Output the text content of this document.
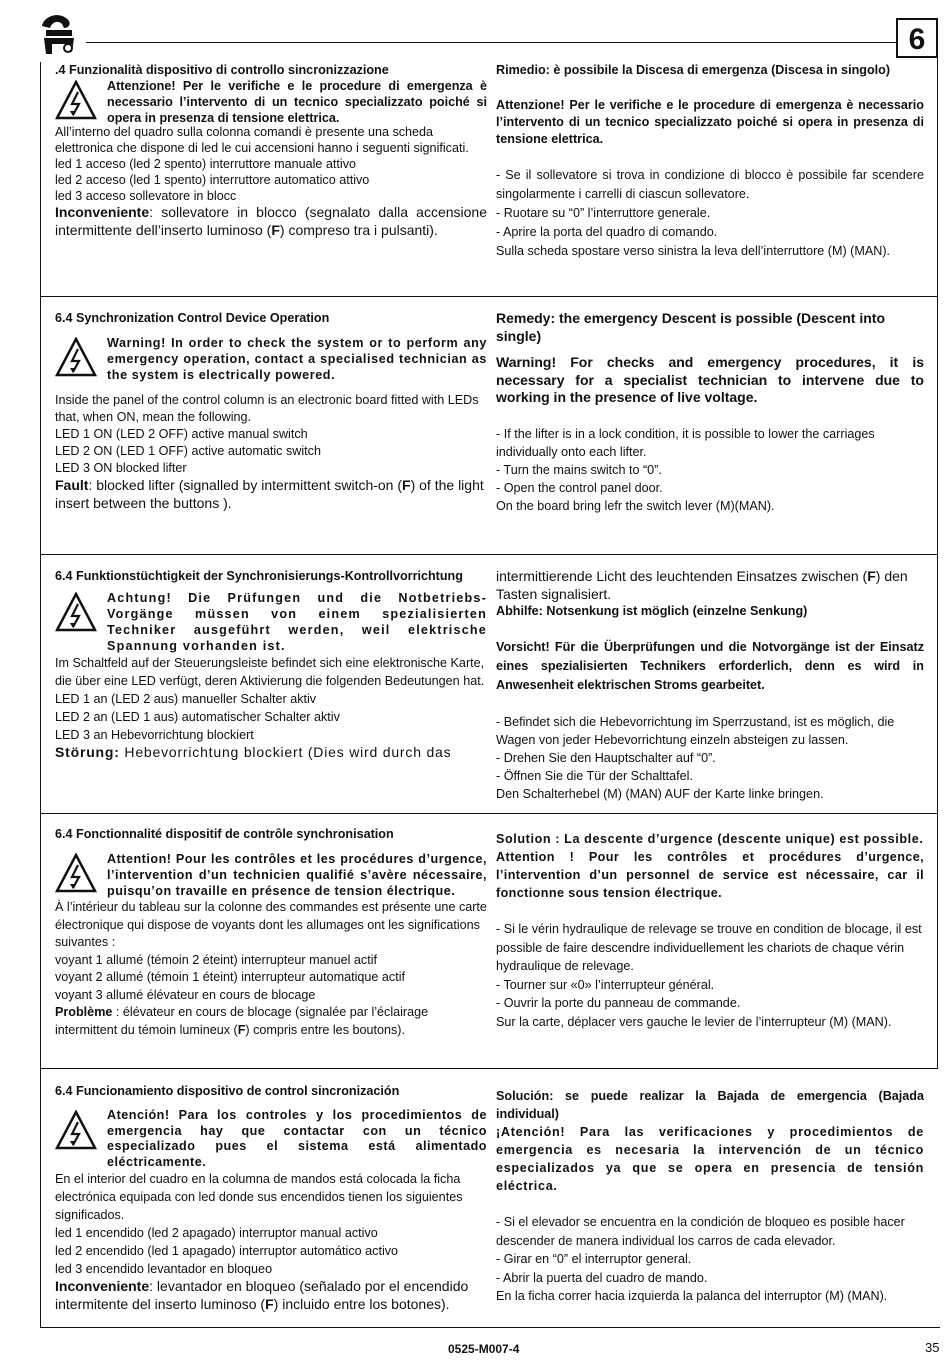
6

.4 Funzionalità dispositivo di controllo sincronizzazione

Attenzione! Per le verifiche e le procedure di emergenza è necessario l’intervento di un tecnico specializzato poiché si opera in presenza di tensione elettrica.

All’interno del quadro sulla colonna comandi è presente una scheda elettronica che dispone di led le cui accensioni hanno i seguenti significati.

led 1 acceso (led 2 spento) interruttore manuale attivo

led 2 acceso (led 1 spento) interruttore automatico attivo

led 3 acceso sollevatore in blocc

Inconveniente: sollevatore in blocco (segnalato dalla accensione intermittente dell’inserto luminoso (F) compreso tra i pulsanti).

Rimedio: è possibile la Discesa di emergenza (Discesa in singolo)

Attenzione! Per le verifiche e le procedure di emergenza è necessario l’intervento di un tecnico specializzato poiché si opera in presenza di tensione elettrica.

- Se il sollevatore si trova in condizione di blocco è possibile far scendere singolarmente i carrelli di ciascun sollevatore.

- Ruotare su “0” l’interruttore generale.

- Aprire la porta del quadro di comando.

Sulla scheda spostare verso sinistra la leva dell’interruttore (M) (MAN).

6.4 Synchronization Control Device Operation

Warning! In order to check the system or to perform any emergency operation, contact a specialised technician as the system is electrically powered.

Inside the panel of the control column is an electronic board fitted with LEDs that, when ON, mean the following.

LED 1 ON (LED 2 OFF) active manual switch

LED 2 ON (LED 1 OFF) active automatic switch

LED 3 ON blocked lifter

Fault: blocked lifter (signalled by intermittent switch-on (F) of the light insert between the buttons ).

Remedy: the emergency Descent is possible (Descent into single)

Warning! For checks and emergency procedures, it is necessary for a specialist technician to intervene due to working in the presence of live voltage.

- If the lifter is in a lock condition, it is possible to lower the carriages individually onto each lifter.

- Turn the mains switch to “0”.

- Open the control panel door.

On the board bring lefr the switch lever (M)(MAN).

6.4 Funktionstüchtigkeit der Synchronisierungs-Kontrollvorrichtung

Achtung! Die Prüfungen und die Notbetriebs-Vorgänge müssen von einem spezialisierten Techniker ausgeführt werden, weil elektrische Spannung vorhanden ist.

Im Schaltfeld auf der Steuerungsleiste befindet sich eine elektronische Karte, die über eine LED verfügt, deren Aktivierung die folgenden Bedeutungen hat.

LED 1 an (LED 2 aus) manueller Schalter aktiv

LED 2 an (LED 1 aus) automatischer Schalter aktiv

LED 3 an Hebevorrichtung blockiert

Störung: Hebevorrichtung blockiert (Dies wird durch das

intermittierende Licht des leuchtenden Einsatzes zwischen (F) den Tasten signalisiert.

Abhilfe: Notsenkung ist möglich (einzelne Senkung)

Vorsicht! Für die Überprüfungen und die Notvorgänge ist der Einsatz eines spezialisierten Technikers erforderlich, denn es wird in Anwesenheit elektrischen Stroms gearbeitet.

- Befindet sich die Hebevorrichtung im Sperrzustand, ist es möglich, die Wagen von jeder Hebevorrichtung einzeln absteigen zu lassen.

- Drehen Sie den Hauptschalter auf “0”.

- Öffnen Sie die Tür der Schalttafel.

Den Schalterhebel (M) (MAN) AUF der Karte linke bringen.

6.4 Fonctionnalité dispositif de contrôle synchronisation

Attention! Pour les contrôles et les procédures d’urgence, l’intervention d’un technicien qualifié s’avère nécessaire, puisqu’on travaille en présence de tension électrique.

À l’intérieur du tableau sur la colonne des commandes est présente une carte électronique qui dispose de voyants dont les allumages ont les significations suivantes :

voyant 1 allumé (témoin 2 éteint) interrupteur manuel actif

voyant 2 allumé (témoin 1 éteint) interrupteur automatique actif

voyant 3 allumé élévateur en cours de blocage

Problème : élévateur en cours de blocage (signalée par l’éclairage intermittent du témoin lumineux (F) compris entre les boutons).

Solution : La descente d’urgence (descente unique) est possible.

Attention ! Pour les contrôles et procédures d’urgence, l’intervention d’un personnel de service est nécessaire, car il fonctionne sous tension électrique.

- Si le vérin hydraulique de relevage se trouve en condition de blocage, il est possible de faire descendre individuellement les chariots de chaque vérin hydraulique de relevage.

- Tourner sur «0» l’interrupteur général.

- Ouvrir la porte du panneau de commande.

Sur la carte, déplacer vers gauche le levier de l’interrupteur (M) (MAN).

6.4 Funcionamiento dispositivo de control sincronización

Atención! Para los controles y los procedimientos de emergencia hay que contactar con un técnico especializado pues el sistema está alimentado eléctricamente.

En el interior del cuadro en la columna de mandos está colocada la ficha electrónica equipada con led donde sus encendidos tienen los siguientes significados.

led 1 encendido (led 2 apagado) interruptor manual activo

led 2 encendido (led 1 apagado) interruptor automático activo

led 3 encendido levantador en bloqueo

Inconveniente: levantador en bloqueo (señalado por el encendido intermitente del inserto luminoso (F) incluido entre los botones).

Solución: se puede realizar la Bajada de emergencia (Bajada individual)

¡Atención! Para las verificaciones y procedimientos de emergencia es necesaria la intervención de un técnico especializados ya que se opera en presencia de tensión eléctrica.

- Si el elevador se encuentra en la condición de bloqueo es posible hacer descender de manera individual los carros de cada elevador.

- Girar en “0” el interruptor general.

- Abrir la puerta del cuadro de mando.

En la ficha correr hacia izquierda la palanca del interruptor (M) (MAN).

0525-M007-4	35
